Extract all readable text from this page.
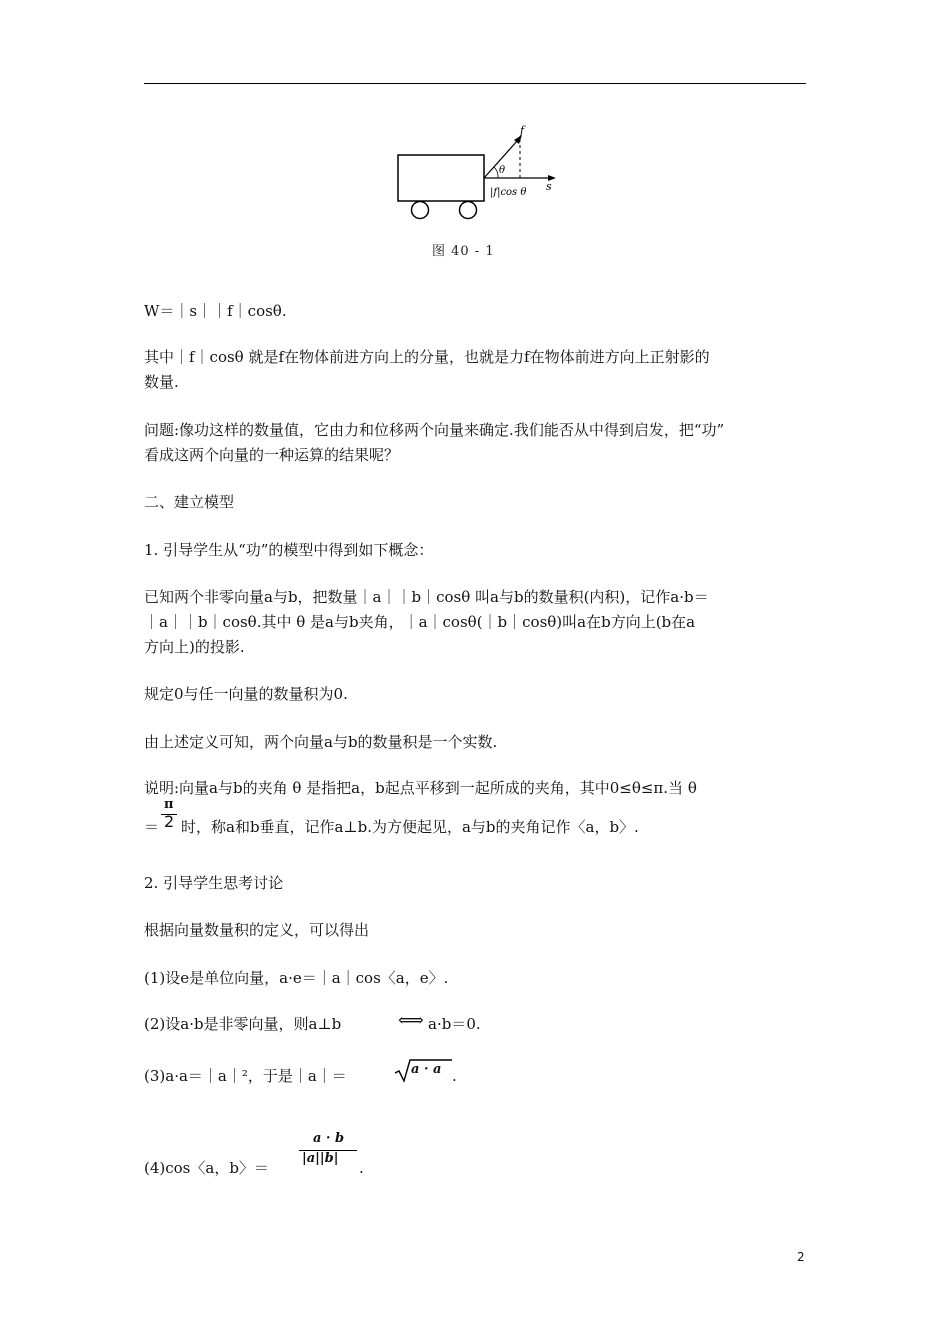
f
θ
s
|f|cos θ
图 40 - 1
W＝｜s｜｜f｜cosθ.
其中｜f｜cosθ 就是f在物体前进方向上的分量，也就是力f在物体前进方向上正射影的
数量.
问题:像功这样的数量值，它由力和位移两个向量来确定.我们能否从中得到启发，把“功”
看成这两个向量的一种运算的结果呢？
二、建立模型
1. 引导学生从“功”的模型中得到如下概念：
已知两个非零向量a与b，把数量｜a｜｜b｜cosθ 叫a与b的数量积(内积)，记作a·b＝
｜a｜｜b｜cosθ.其中 θ 是a与b夹角，｜a｜cosθ(｜b｜cosθ)叫a在b方向上(b在a
方向上)的投影.
规定0与任一向量的数量积为0.
由上述定义可知，两个向量a与b的数量积是一个实数.
说明:向量a与b的夹角 θ 是指把a，b起点平移到一起所成的夹角，其中0≤θ≤π.当 θ
＝
π
2 时，称a和b垂直，记作a⊥b.为方便起见，a与b的夹角记作〈a，b〉.
2. 引导学生思考讨论
根据向量数量积的定义，可以得出
(1)设e是单位向量，a·e＝｜a｜cos〈a，e〉.
(2)设a·b是非零向量，则a⊥b	⟺ a·b＝0.
(3)a·a＝｜a｜²，于是｜a｜＝	a · a .
(4)cos〈a，b〉＝
a · b
|a||b|
.
2
